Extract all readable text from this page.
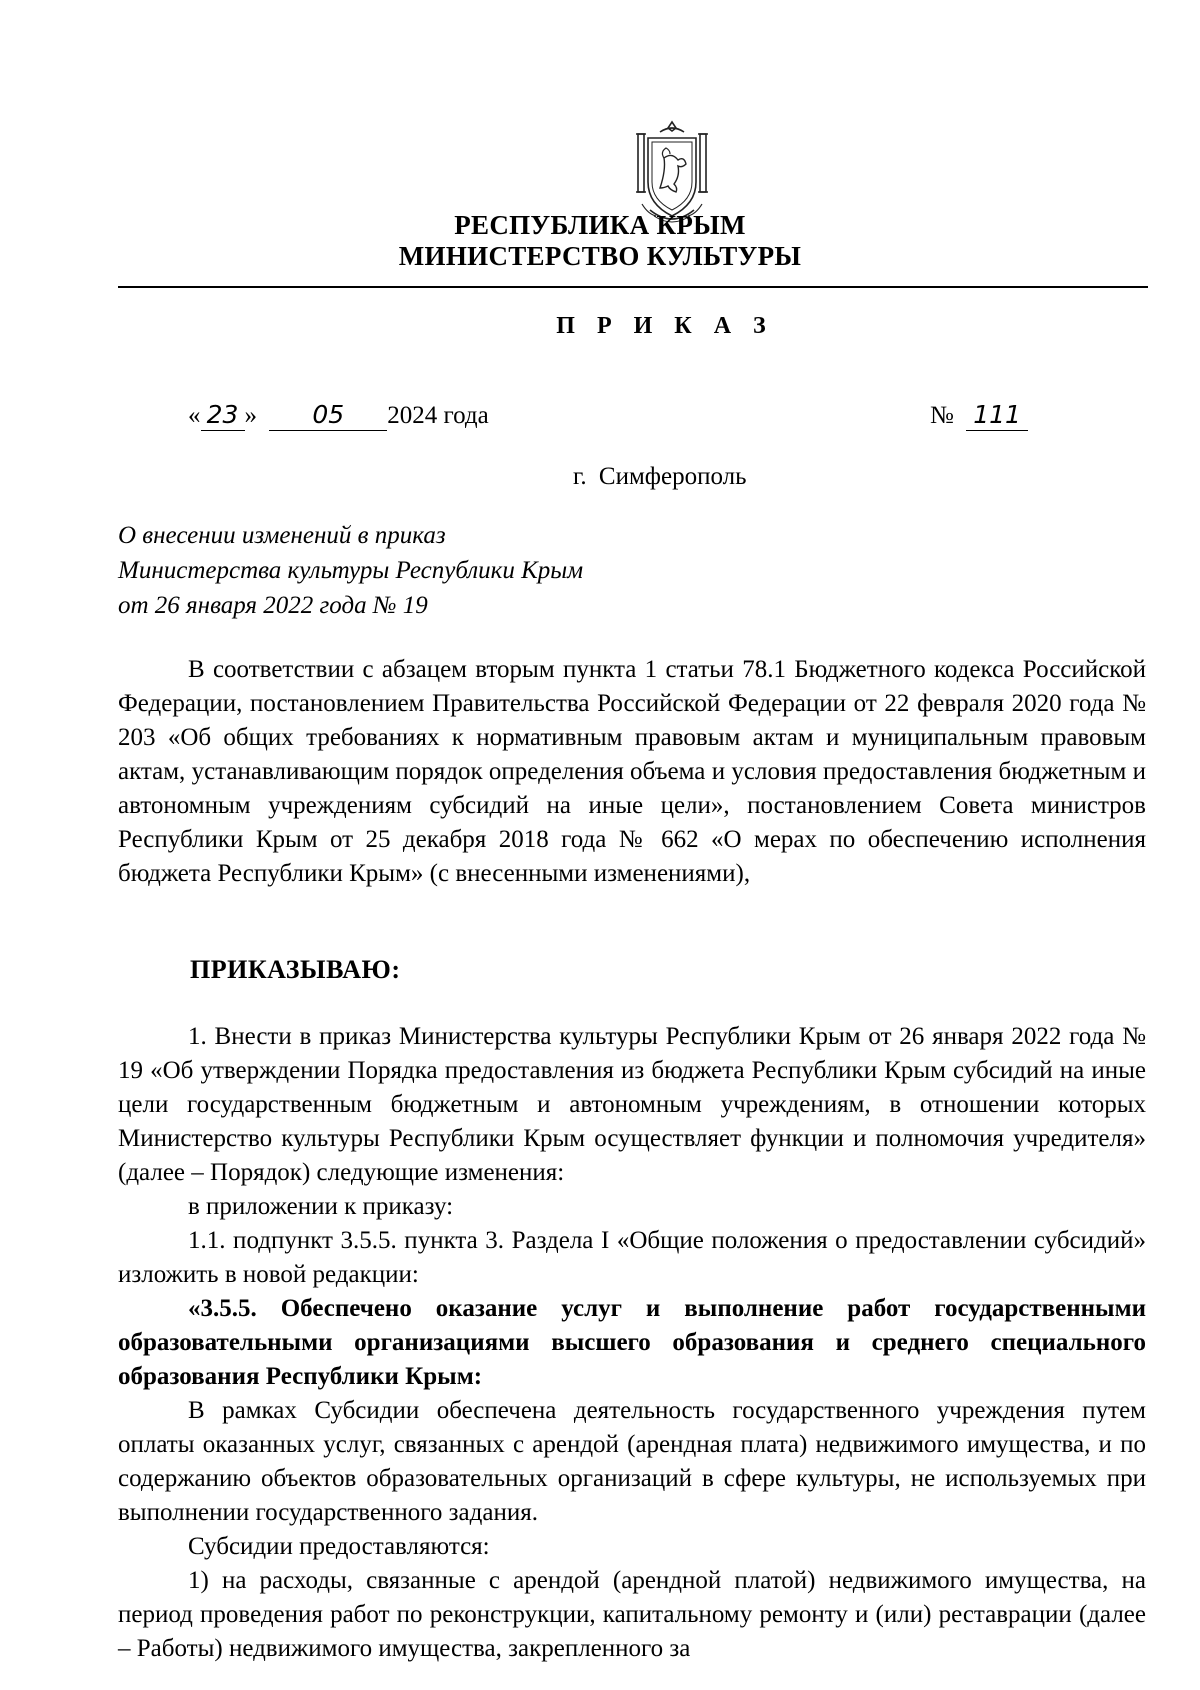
РЕСПУБЛИКА КРЫМ
МИНИСТЕРСТВО КУЛЬТУРЫ
П Р И К А З
« 23 » 05 2024 года	№ 111
г. Симферополь
О внесении изменений в приказ
Министерства культуры Республики Крым
от 26 января 2022 года № 19

В соответствии с абзацем вторым пункта 1 статьи 78.1 Бюджетного кодекса Российской Федерации, постановлением Правительства Российской Федерации от 22 февраля 2020 года № 203 «Об общих требованиях к нормативным правовым актам и муниципальным правовым актам, устанавливающим порядок определения объема и условия предоставления бюджетным и автономным учреждениям субсидий на иные цели», постановлением Совета министров Республики Крым от 25 декабря 2018 года № 662 «О мерах по обеспечению исполнения бюджета Республики Крым» (с внесенными изменениями),

ПРИКАЗЫВАЮ:

1. Внести в приказ Министерства культуры Республики Крым от 26 января 2022 года № 19 «Об утверждении Порядка предоставления из бюджета Республики Крым субсидий на иные цели государственным бюджетным и автономным учреждениям, в отношении которых Министерство культуры Республики Крым осуществляет функции и полномочия учредителя» (далее – Порядок) следующие изменения:

в приложении к приказу:

1.1. подпункт 3.5.5. пункта 3. Раздела I «Общие положения о предоставлении субсидий» изложить в новой редакции:

«3.5.5. Обеспечено оказание услуг и выполнение работ государственными образовательными организациями высшего образования и среднего специального образования Республики Крым:

В рамках Субсидии обеспечена деятельность государственного учреждения путем оплаты оказанных услуг, связанных с арендой (арендная плата) недвижимого имущества, и по содержанию объектов образовательных организаций в сфере культуры, не используемых при выполнении государственного задания.

Субсидии предоставляются:

1) на расходы, связанные с арендой (арендной платой) недвижимого имущества, на период проведения работ по реконструкции, капитальному ремонту и (или) реставрации (далее – Работы) недвижимого имущества, закрепленного за
